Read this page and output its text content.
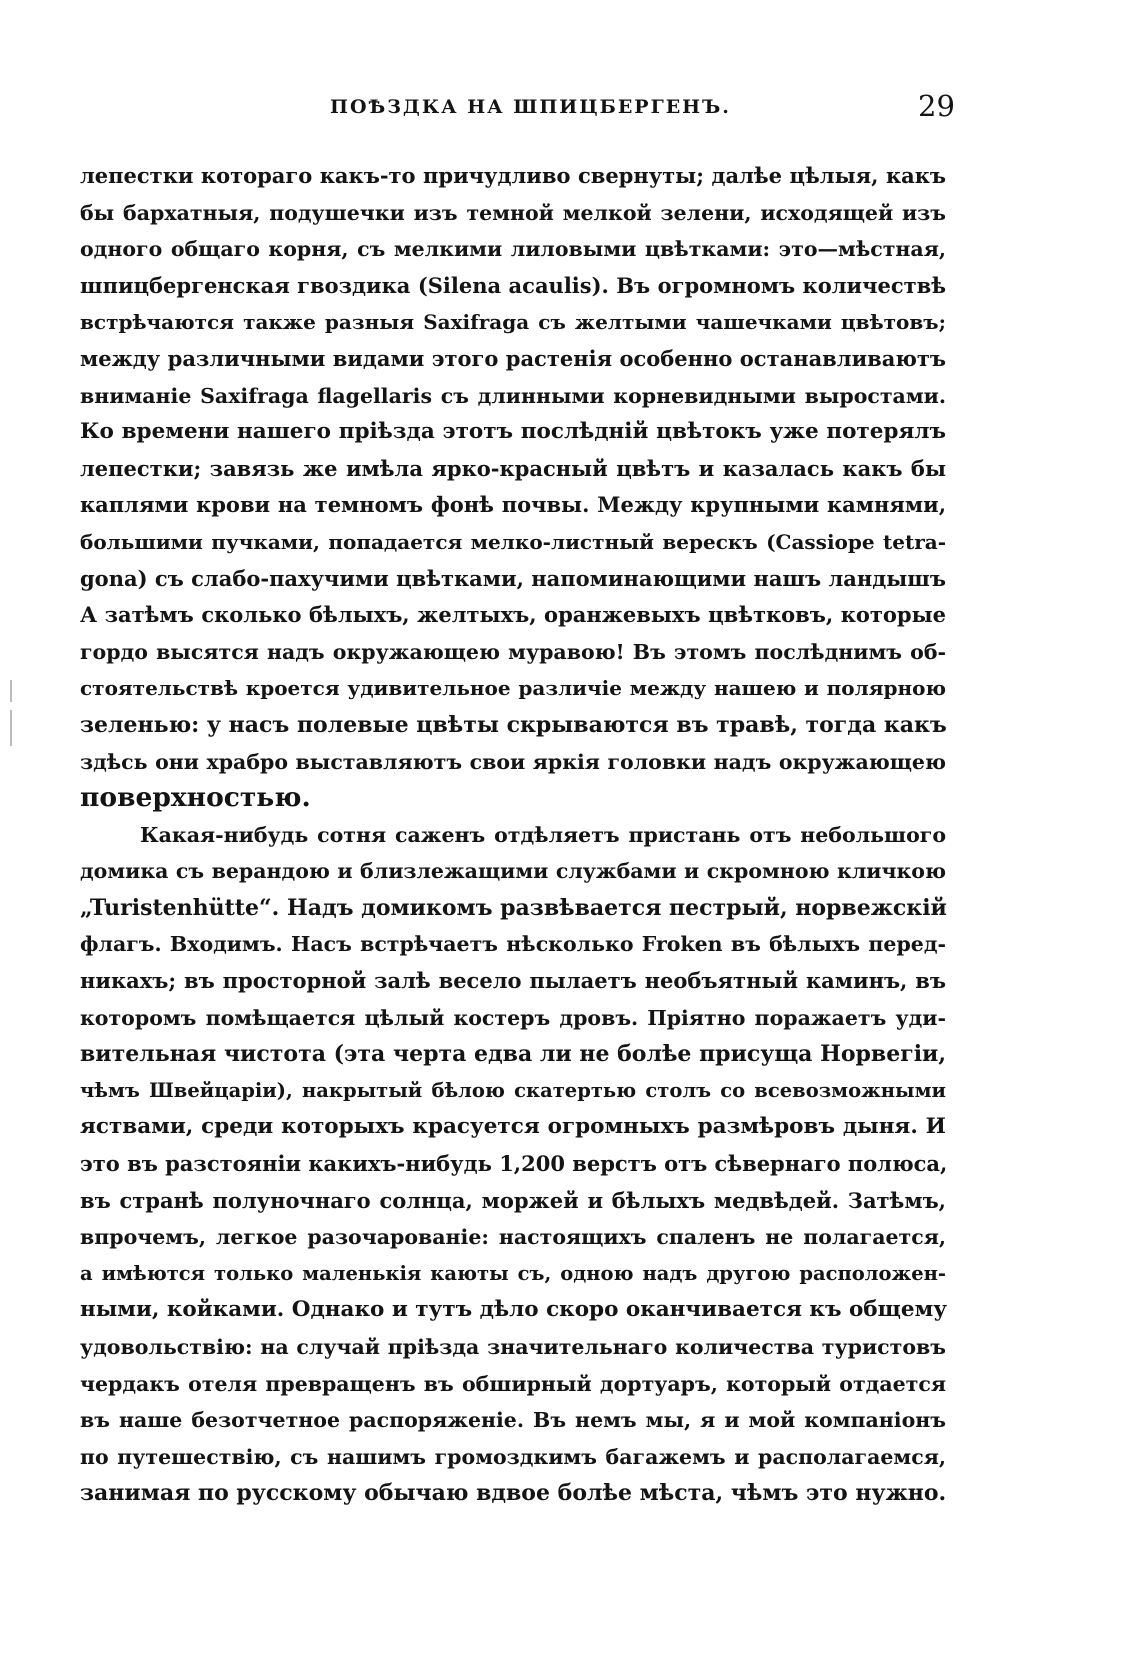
ПОѢЗДКА НА ШПИЦБЕРГЕНЪ.	29
лепестки котораго какъ-то причудливо свернуты; далѣе цѣлыя, какъ
бы бархатныя, подушечки изъ темной мелкой зелени, исходящей изъ
одного общаго корня, съ мелкими лиловыми цвѣтками: это—мѣстная,
шпицбергенская гвоздика (Silena acaulis). Въ огромномъ количествѣ
встрѣчаются также разныя Saxifraga съ желтыми чашечками цвѣтовъ;
между различными видами этого растенія особенно останавливаютъ
вниманіе Saxifraga flagellaris съ длинными корневидными выростами.
Ко времени нашего пріѣзда этотъ послѣдній цвѣтокъ уже потерялъ
лепестки; завязь же имѣла ярко-красный цвѣтъ и казалась какъ бы
каплями крови на темномъ фонѣ почвы. Между крупными камнями,
большими пучками, попадается мелко-листный верескъ (Cassiope tetra-
gona) съ слабо-пахучими цвѣтками, напоминающими нашъ ландышъ
А затѣмъ сколько бѣлыхъ, желтыхъ, оранжевыхъ цвѣтковъ, которые
гордо высятся надъ окружающею муравою! Въ этомъ послѣднимъ об-
стоятельствѣ кроется удивительное различіе между нашею и полярною
зеленью: у насъ полевые цвѣты скрываются въ травѣ, тогда какъ
здѣсь они храбро выставляютъ свои яркія головки надъ окружающею
поверхностью.
Какая-нибудь сотня саженъ отдѣляетъ пристань отъ небольшого
домика съ верандою и близлежащими службами и скромною кличкою
„Turistenhütte“. Надъ домикомъ развѣвается пестрый, норвежскій
флагъ. Входимъ. Насъ встрѣчаетъ нѣсколько Froken въ бѣлыхъ перед-
никахъ; въ просторной залѣ весело пылаетъ необъятный каминъ, въ
которомъ помѣщается цѣлый костеръ дровъ. Пріятно поражаетъ уди-
вительная чистота (эта черта едва ли не болѣе присуща Норвегіи,
чѣмъ Швейцаріи), накрытый бѣлою скатертью столъ со всевозможными
яствами, среди которыхъ красуется огромныхъ размѣровъ дыня. И
это въ разстояніи какихъ-нибудь 1,200 верстъ отъ сѣвернаго полюса,
въ странѣ полуночнаго солнца, моржей и бѣлыхъ медвѣдей. Затѣмъ,
впрочемъ, легкое разочарованіе: настоящихъ спаленъ не полагается,
а имѣются только маленькія каюты съ, одною надъ другою расположен-
ными, койками. Однако и тутъ дѣло скоро оканчивается къ общему
удовольствію: на случай пріѣзда значительнаго количества туристовъ
чердакъ отеля превращенъ въ обширный дортуаръ, который отдается
въ наше безотчетное распоряженіе. Въ немъ мы, я и мой компаніонъ
по путешествію, съ нашимъ громоздкимъ багажемъ и располагаемся,
занимая по русскому обычаю вдвое болѣе мѣста, чѣмъ это нужно.
